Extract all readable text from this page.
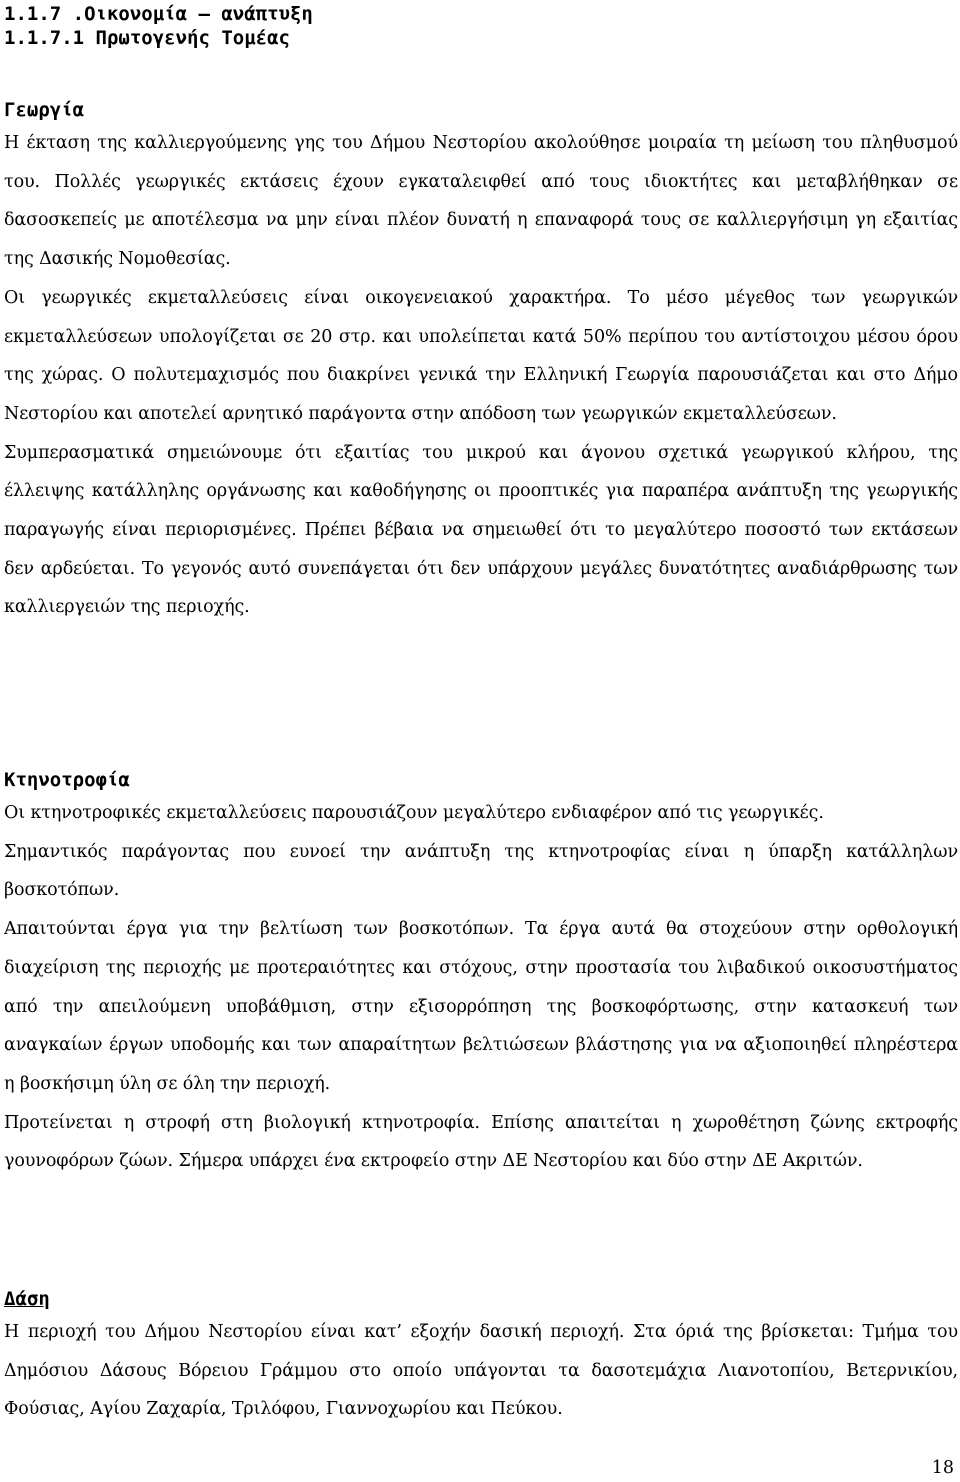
1.1.7 .Οικονομία – ανάπτυξη
1.1.7.1 Πρωτογενής Τομέας
Γεωργία

Η έκταση της καλλιεργούμενης γης του Δήμου Νεστορίου ακολούθησε μοιραία τη μείωση του πληθυσμού του. Πολλές γεωργικές εκτάσεις έχουν εγκαταλειφθεί από τους ιδιοκτήτες και μεταβλήθηκαν σε δασοσκεπείς με αποτέλεσμα να μην είναι πλέον δυνατή η επαναφορά τους σε καλλιεργήσιμη γη εξαιτίας της Δασικής Νομοθεσίας.

Οι γεωργικές εκμεταλλεύσεις είναι οικογενειακού χαρακτήρα. Το μέσο μέγεθος των γεωργικών εκμεταλλεύσεων υπολογίζεται σε 20 στρ. και υπολείπεται κατά 50% περίπου του αντίστοιχου μέσου όρου της χώρας. Ο πολυτεμαχισμός που διακρίνει γενικά την Ελληνική Γεωργία παρουσιάζεται και στο Δήμο Νεστορίου και αποτελεί αρνητικό παράγοντα στην απόδοση των γεωργικών εκμεταλλεύσεων.

Συμπερασματικά σημειώνουμε ότι εξαιτίας του μικρού και άγονου σχετικά γεωργικού κλήρου, της έλλειψης κατάλληλης οργάνωσης και καθοδήγησης οι προοπτικές για παραπέρα ανάπτυξη της γεωργικής παραγωγής είναι περιορισμένες. Πρέπει βέβαια να σημειωθεί ότι το μεγαλύτερο ποσοστό των εκτάσεων δεν αρδεύεται. Το γεγονός αυτό συνεπάγεται ότι δεν υπάρχουν μεγάλες δυνατότητες αναδιάρθρωσης των καλλιεργειών της περιοχής.

Κτηνοτροφία

Οι κτηνοτροφικές εκμεταλλεύσεις παρουσιάζουν μεγαλύτερο ενδιαφέρον από τις γεωργικές.

Σημαντικός παράγοντας που ευνοεί την ανάπτυξη της κτηνοτροφίας είναι η ύπαρξη κατάλληλων βοσκοτόπων.

Απαιτούνται έργα για την βελτίωση των βοσκοτόπων. Τα έργα αυτά θα στοχεύουν στην ορθολογική διαχείριση της περιοχής με προτεραιότητες και στόχους, στην προστασία του λιβαδικού οικοσυστήματος από την απειλούμενη υποβάθμιση, στην εξισορρόπηση της βοσκοφόρτωσης, στην κατασκευή των αναγκαίων έργων υποδομής και των απαραίτητων βελτιώσεων βλάστησης για να αξιοποιηθεί πληρέστερα η βοσκήσιμη ύλη σε όλη την περιοχή.

Προτείνεται η στροφή στη βιολογική κτηνοτροφία. Επίσης απαιτείται η χωροθέτηση ζώνης εκτροφής γουνοφόρων ζώων. Σήμερα υπάρχει ένα εκτροφείο στην ΔΕ Νεστορίου και δύο στην ΔΕ Ακριτών.

Δάση

Η περιοχή του Δήμου Νεστορίου είναι κατ’ εξοχήν δασική περιοχή. Στα όριά της βρίσκεται: Τμήμα του Δημόσιου Δάσους Βόρειου Γράμμου στο οποίο υπάγονται τα δασοτεμάχια Λιανοτοπίου, Βετερνικίου, Φούσιας, Αγίου Ζαχαρία, Τριλόφου, Γιαννοχωρίου και Πεύκου.

18
